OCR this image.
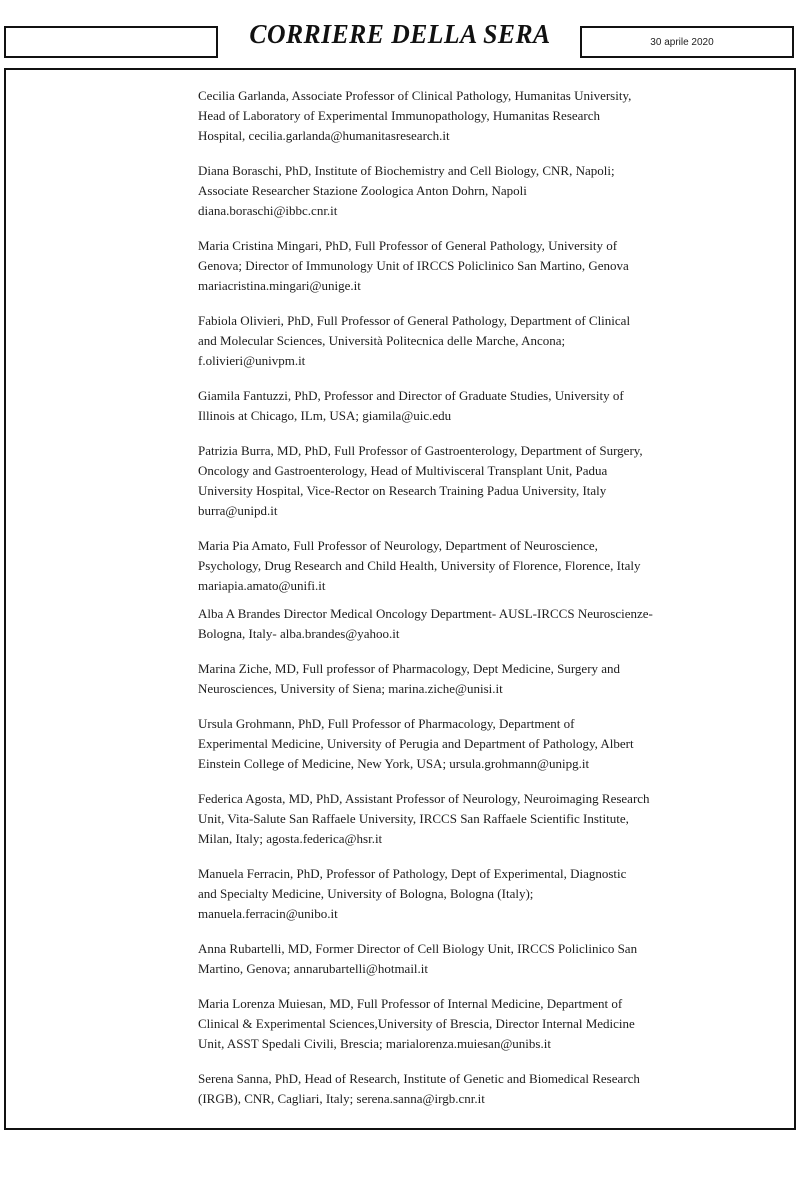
CORRIERE DELLA SERA	30 aprile 2020
Cecilia Garlanda, Associate Professor of Clinical Pathology, Humanitas University,
Head of Laboratory of Experimental Immunopathology, Humanitas Research
Hospital, cecilia.garlanda@humanitasresearch.it
Diana Boraschi, PhD, Institute of Biochemistry and Cell Biology, CNR, Napoli;
Associate Researcher Stazione Zoologica Anton Dohrn, Napoli
diana.boraschi@ibbc.cnr.it
Maria Cristina Mingari, PhD, Full Professor of General Pathology, University of
Genova; Director of Immunology Unit of IRCCS Policlinico San Martino, Genova
mariacristina.mingari@unige.it
Fabiola Olivieri, PhD, Full Professor of General Pathology, Department of Clinical
and Molecular Sciences, Università Politecnica delle Marche, Ancona;
f.olivieri@univpm.it
Giamila Fantuzzi, PhD, Professor and Director of Graduate Studies, University of
Illinois at Chicago, ILm, USA; giamila@uic.edu
Patrizia Burra, MD, PhD, Full Professor of Gastroenterology, Department of Surgery,
Oncology and Gastroenterology, Head of Multivisceral Transplant Unit, Padua
University Hospital, Vice-Rector on Research Training Padua University, Italy
burra@unipd.it
Maria Pia Amato, Full Professor of Neurology, Department of Neuroscience,
Psychology, Drug Research and Child Health, University of Florence, Florence, Italy
mariapia.amato@unifi.it
Alba A Brandes Director Medical Oncology Department- AUSL-IRCCS Neuroscienze-
Bologna, Italy- alba.brandes@yahoo.it
Marina Ziche, MD, Full professor of Pharmacology, Dept Medicine, Surgery and
Neurosciences, University of Siena; marina.ziche@unisi.it
Ursula Grohmann, PhD, Full Professor of Pharmacology, Department of
Experimental Medicine, University of Perugia and Department of Pathology, Albert
Einstein College of Medicine, New York, USA; ursula.grohmann@unipg.it
Federica Agosta, MD, PhD, Assistant Professor of Neurology, Neuroimaging Research
Unit, Vita-Salute San Raffaele University, IRCCS San Raffaele Scientific Institute,
Milan, Italy; agosta.federica@hsr.it
Manuela Ferracin, PhD, Professor of Pathology, Dept of Experimental, Diagnostic
and Specialty Medicine, University of Bologna, Bologna (Italy);
manuela.ferracin@unibo.it
Anna Rubartelli, MD, Former Director of Cell Biology Unit, IRCCS Policlinico San
Martino, Genova; annarubartelli@hotmail.it
Maria Lorenza Muiesan, MD, Full Professor of Internal Medicine, Department of
Clinical & Experimental Sciences,University of Brescia, Director Internal Medicine
Unit, ASST Spedali Civili, Brescia; marialorenza.muiesan@unibs.it
Serena Sanna, PhD, Head of Research, Institute of Genetic and Biomedical Research
(IRGB), CNR, Cagliari, Italy; serena.sanna@irgb.cnr.it
